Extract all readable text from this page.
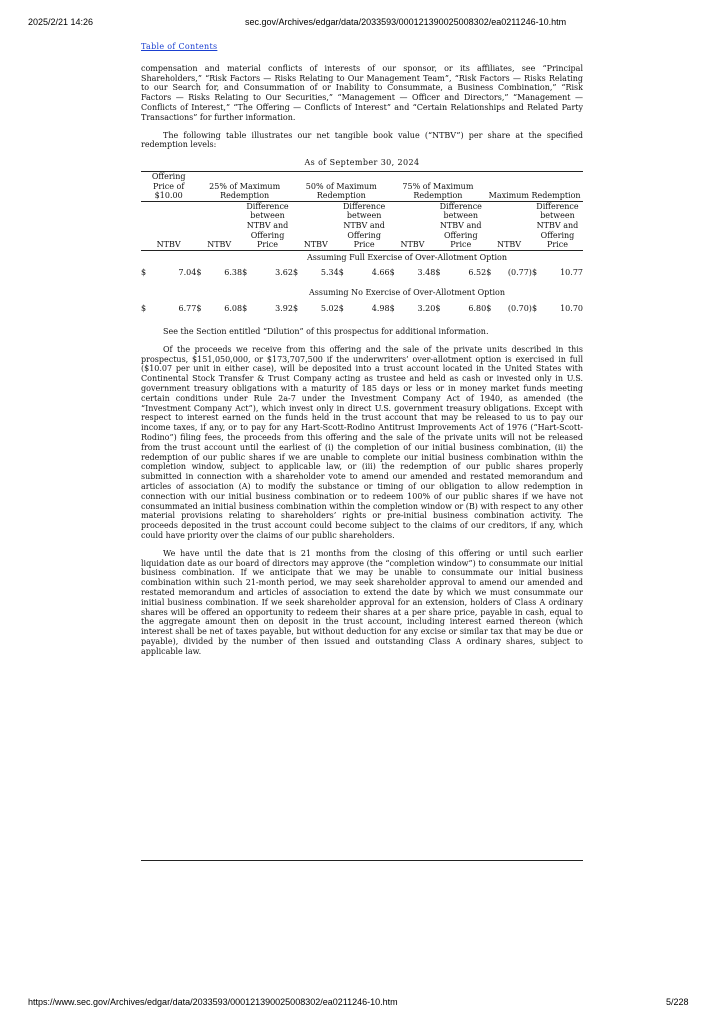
2025/2/21 14:26	sec.gov/Archives/edgar/data/2033593/000121390025008302/ea0211246-10.htm
Table of Contents

compensation and material conflicts of interests of our sponsor, or its affiliates, see “Principal Shareholders,” “Risk Factors — Risks Relating to Our Management Team”, “Risk Factors — Risks Relating to our Search for, and Consummation of or Inability to Consummate, a Business Combination,” “Risk Factors — Risks Relating to Our Securities,” “Management — Officer and Directors,” “Management — Conflicts of Interest,” “The Offering — Conflicts of Interest” and “Certain Relationships and Related Party Transactions” for further information.

The following table illustrates our net tangible book value (“NTBV”) per share at the specified redemption levels:

As of September 30, 2024
Offering Price of $10.00		25% of Maximum Redemption				50% of Maximum Redemption				75% of Maximum Redemption				Maximum Redemption			
NTBV		NTBV		Difference between NTBV and Offering Price		NTBV		Difference between NTBV and Offering Price		NTBV		Difference between NTBV and Offering Price		NTBV		Difference between NTBV and Offering Price	
Assuming Full Exercise of Over-Allotment Option																	
$	7.04	$	6.38	$	3.62	$	5.34	$	4.66	$	3.48	$	6.52	$	(0.77)	$	10.77

Assuming No Exercise of Over-Allotment Option																	
$	6.77	$	6.08	$	3.92	$	5.02	$	4.98	$	3.20	$	6.80	$	(0.70)	$	10.70

See the Section entitled “Dilution” of this prospectus for additional information.

Of the proceeds we receive from this offering and the sale of the private units described in this prospectus, $151,050,000, or $173,707,500 if the underwriters’ over-allotment option is exercised in full ($10.07 per unit in either case), will be deposited into a trust account located in the United States with Continental Stock Transfer & Trust Company acting as trustee and held as cash or invested only in U.S. government treasury obligations with a maturity of 185 days or less or in money market funds meeting certain conditions under Rule 2a-7 under the Investment Company Act of 1940, as amended (the “Investment Company Act”), which invest only in direct U.S. government treasury obligations. Except with respect to interest earned on the funds held in the trust account that may be released to us to pay our income taxes, if any, or to pay for any Hart-Scott-Rodino Antitrust Improvements Act of 1976 (“Hart-Scott-Rodino”) filing fees, the proceeds from this offering and the sale of the private units will not be released from the trust account until the earliest of (i) the completion of our initial business combination, (ii) the redemption of our public shares if we are unable to complete our initial business combination within the completion window, subject to applicable law, or (iii) the redemption of our public shares properly submitted in connection with a shareholder vote to amend our amended and restated memorandum and articles of association (A) to modify the substance or timing of our obligation to allow redemption in connection with our initial business combination or to redeem 100% of our public shares if we have not consummated an initial business combination within the completion window or (B) with respect to any other material provisions relating to shareholders’ rights or pre-initial business combination activity. The proceeds deposited in the trust account could become subject to the claims of our creditors, if any, which could have priority over the claims of our public shareholders.

We have until the date that is 21 months from the closing of this offering or until such earlier liquidation date as our board of directors may approve (the “completion window”) to consummate our initial business combination. If we anticipate that we may be unable to consummate our initial business combination within such 21-month period, we may seek shareholder approval to amend our amended and restated memorandum and articles of association to extend the date by which we must consummate our initial business combination. If we seek shareholder approval for an extension, holders of Class A ordinary shares will be offered an opportunity to redeem their shares at a per share price, payable in cash, equal to the aggregate amount then on deposit in the trust account, including interest earned thereon (which interest shall be net of taxes payable, but without deduction for any excise or similar tax that may be due or payable), divided by the number of then issued and outstanding Class A ordinary shares, subject to applicable law.

https://www.sec.gov/Archives/edgar/data/2033593/000121390025008302/ea0211246-10.htm	5/228
